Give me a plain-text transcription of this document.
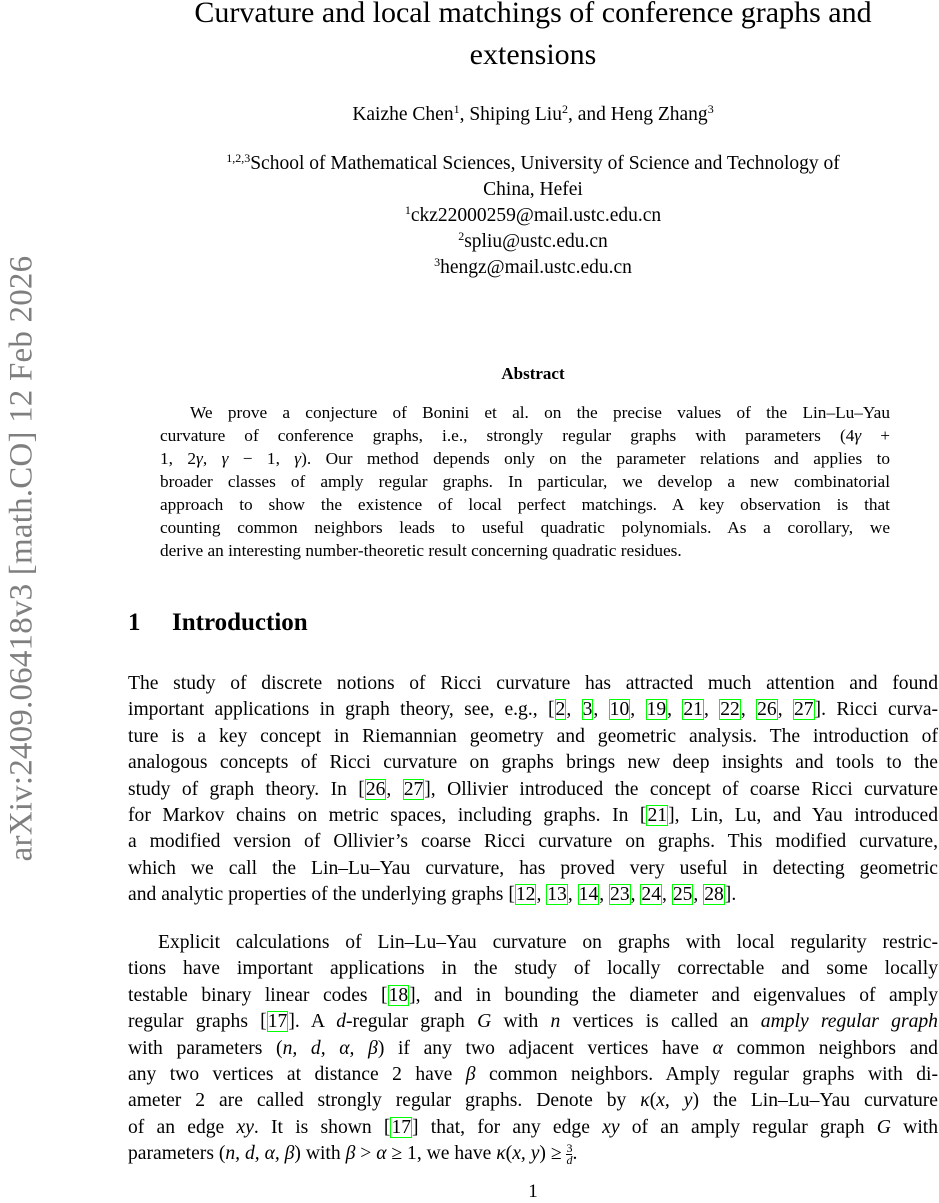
arXiv:2409.06418v3 [math.CO] 12 Feb 2026
Curvature and local matchings of conference graphs and
extensions
Kaizhe Chen$^1$, Shiping Liu$^2$, and Heng Zhang$^3$
$^{1,2,3}$School of Mathematical Sciences, University of Science and Technology of
China, Hefei
$^1$ckz22000259@mail.ustc.edu.cn
$^2$spliu@ustc.edu.cn
$^3$hengz@mail.ustc.edu.cn
Abstract
We prove a conjecture of Bonini et al. on the precise values of the Lin–Lu–Yau
curvature of conference graphs, i.e., strongly regular graphs with parameters (4γ +
1, 2γ, γ − 1, γ). Our method depends only on the parameter relations and applies to
broader classes of amply regular graphs. In particular, we develop a new combinatorial
approach to show the existence of local perfect matchings. A key observation is that
counting common neighbors leads to useful quadratic polynomials. As a corollary, we
derive an interesting number-theoretic result concerning quadratic residues.
1 Introduction
The study of discrete notions of Ricci curvature has attracted much attention and found
important applications in graph theory, see, e.g., [2, 3, 10, 19, 21, 22, 26, 27]. Ricci curva-
ture is a key concept in Riemannian geometry and geometric analysis. The introduction of
analogous concepts of Ricci curvature on graphs brings new deep insights and tools to the
study of graph theory. In [26, 27], Ollivier introduced the concept of coarse Ricci curvature
for Markov chains on metric spaces, including graphs. In [21], Lin, Lu, and Yau introduced
a modified version of Ollivier’s coarse Ricci curvature on graphs. This modified curvature,
which we call the Lin–Lu–Yau curvature, has proved very useful in detecting geometric
and analytic properties of the underlying graphs [12, 13, 14, 23, 24, 25, 28].
Explicit calculations of Lin–Lu–Yau curvature on graphs with local regularity restric-
tions have important applications in the study of locally correctable and some locally
testable binary linear codes [18], and in bounding the diameter and eigenvalues of amply
regular graphs [17]. A d-regular graph G with n vertices is called an amply regular graph
with parameters (n, d, α, β) if any two adjacent vertices have α common neighbors and
any two vertices at distance 2 have β common neighbors. Amply regular graphs with di-
ameter 2 are called strongly regular graphs. Denote by κ(x, y) the Lin–Lu–Yau curvature
of an edge xy. It is shown [17] that, for any edge xy of an amply regular graph G with
parameters (n, d, α, β) with β > α ≥ 1, we have κ(x, $y) \ge \frac{3}{d}$ .
1
